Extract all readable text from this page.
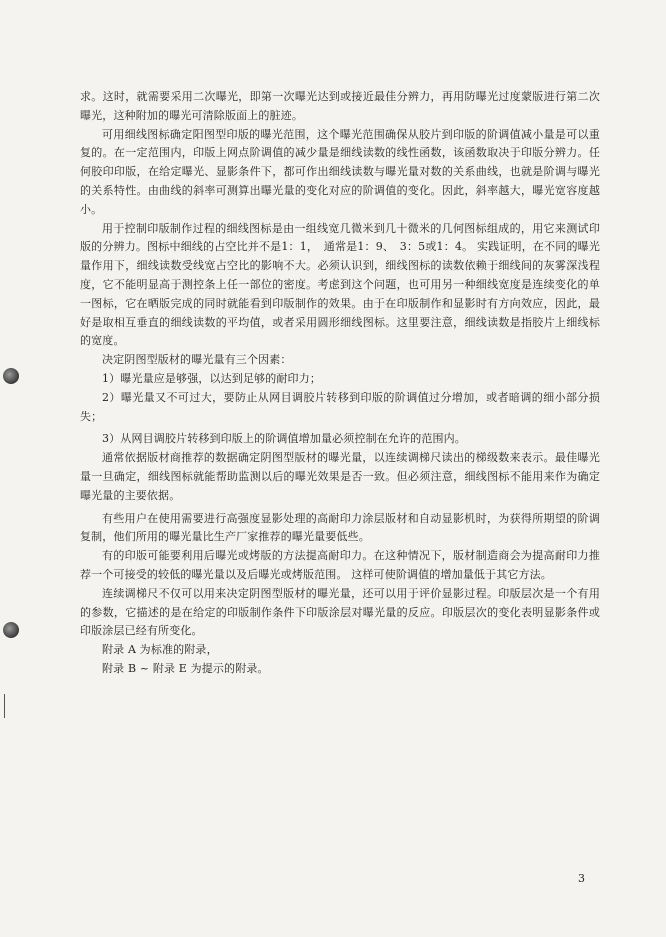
求。这时，就需要采用二次曝光，即第一次曝光达到或接近最佳分辨力，再用防曝光过度蒙版进行第二次曝光，这种附加的曝光可清除版面上的脏迹。

可用细线图标确定阳图型印版的曝光范围，这个曝光范围确保从胶片到印版的阶调值减小量是可以重复的。在一定范围内，印版上网点阶调值的减少量是细线读数的线性函数，该函数取决于印版分辨力。任何胶印印版，在给定曝光、显影条件下，都可作出细线读数与曝光量对数的关系曲线，也就是阶调与曝光的关系特性。由曲线的斜率可测算出曝光量的变化对应的阶调值的变化。因此，斜率越大，曝光宽容度越小。

用于控制印版制作过程的细线图标是由一组线宽几微米到几十微米的几何图标组成的，用它来测试印版的分辨力。图标中细线的占空比并不是1：1，　通常是1：9、　3：5或1：4。 实践证明，在不同的曝光量作用下，细线读数受线宽占空比的影响不大。必须认识到，细线图标的读数依赖于细线间的灰雾深浅程度，它不能明显高于测控条上任一部位的密度。考虑到这个问题，也可用另一种细线宽度是连续变化的单一图标，它在晒版完成的同时就能看到印版制作的效果。由于在印版制作和显影时有方向效应，因此，最好是取相互垂直的细线读数的平均值，或者采用圆形细线图标。这里要注意，细线读数是指胶片上细线标的宽度。

决定阴图型版材的曝光量有三个因素：

1）曝光量应是够强，以达到足够的耐印力；

2）曝光量又不可过大，要防止从网目调胶片转移到印版的阶调值过分增加，或者暗调的细小部分损失；

3）从网目调胶片转移到印版上的阶调值增加量必须控制在允许的范围内。

通常依据版材商推荐的数据确定阴图型版材的曝光量，以连续调梯尺读出的梯级数来表示。最佳曝光量一旦确定，细线图标就能帮助监测以后的曝光效果是否一致。但必须注意，细线图标不能用来作为确定曝光量的主要依据。

有些用户在使用需要进行高强度显影处理的高耐印力涂层版材和自动显影机时，为获得所期望的阶调复制，他们所用的曝光量比生产厂家推荐的曝光量要低些。

有的印版可能要利用后曝光或烤版的方法提高耐印力。在这种情况下，版材制造商会为提高耐印力推荐一个可接受的较低的曝光量以及后曝光或烤版范围。 这样可使阶调值的增加量低于其它方法。

连续调梯尺不仅可以用来决定阴图型版材的曝光量，还可以用于评价显影过程。印版层次是一个有用的参数，它描述的是在给定的印版制作条件下印版涂层对曝光量的反应。印版层次的变化表明显影条件或印版涂层已经有所变化。

附录 A 为标准的附录，

附录 B ~ 附录 E 为提示的附录。

3
